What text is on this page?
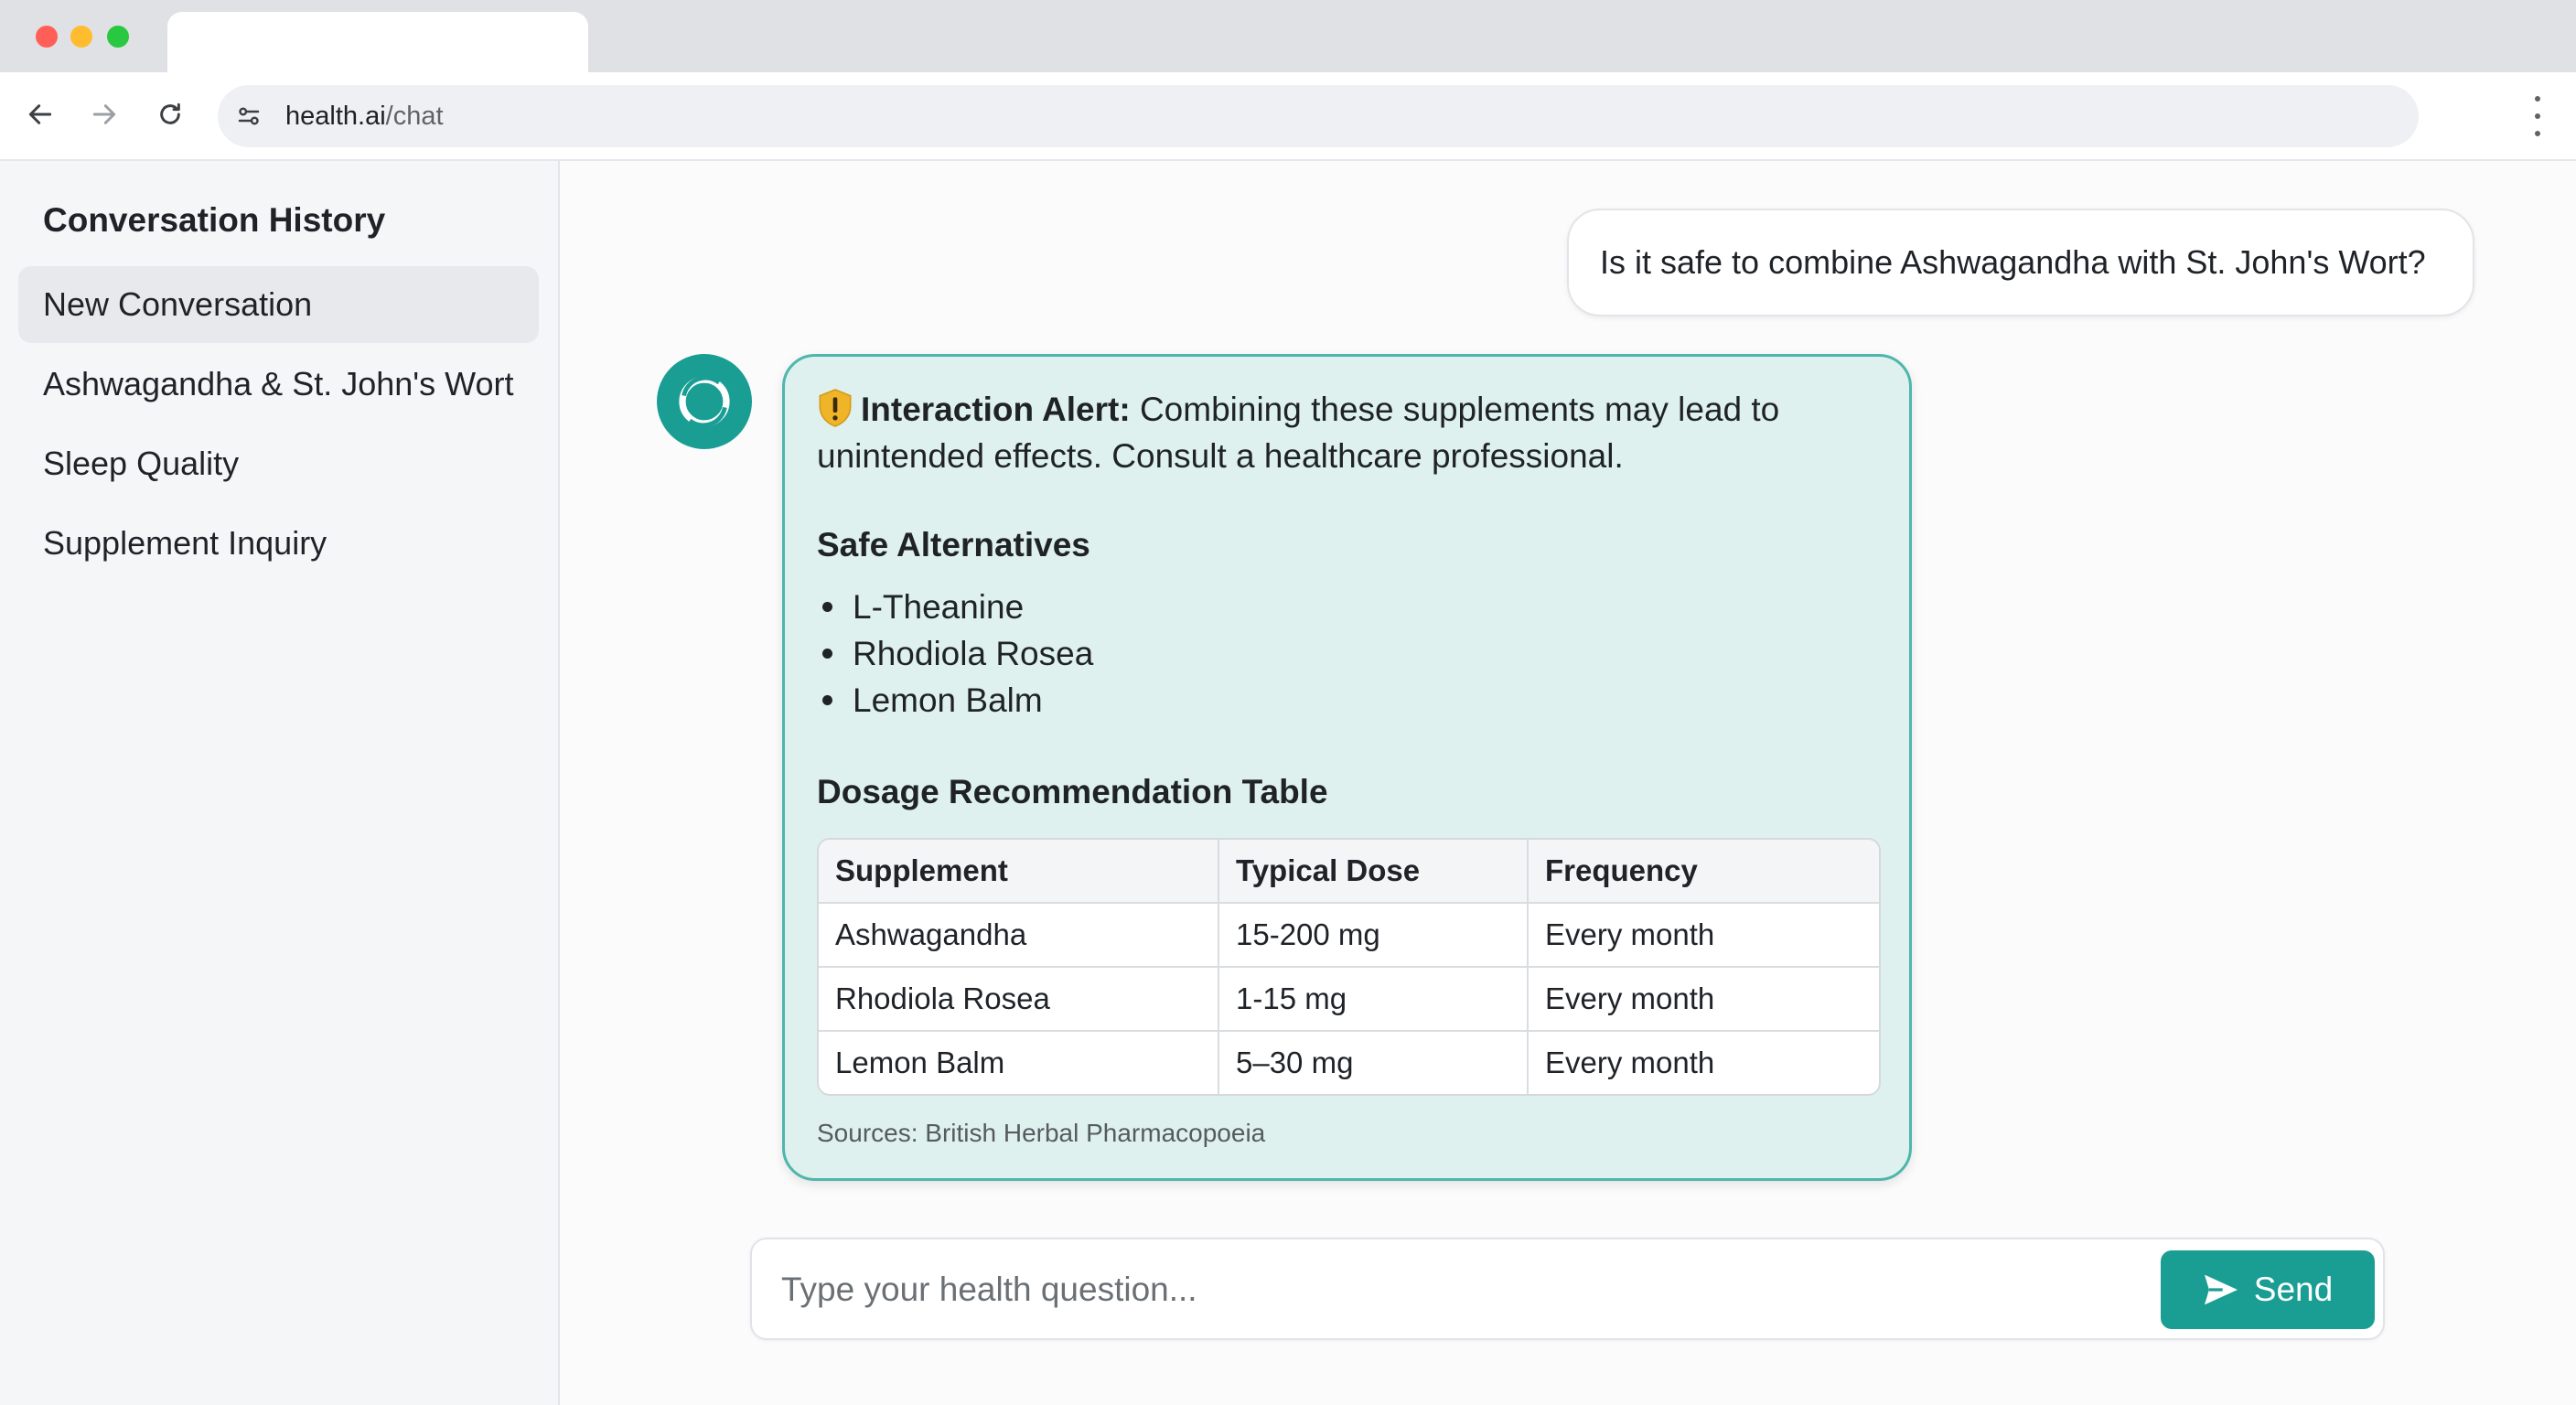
health.ai/chat
Conversation History
New Conversation
Ashwagandha & St. John's Wort
Sleep Quality
Supplement Inquiry
Is it safe to combine Ashwagandha with St. John's Wort?
Interaction Alert: Combining these supplements may lead to unintended effects. Consult a healthcare professional.
Safe Alternatives
L-Theanine
Rhodiola Rosea
Lemon Balm
Dosage Recommendation Table
Supplement	Typical Dose	Frequency
Ashwagandha	15-200 mg	Every month
Rhodiola Rosea	1-15 mg	Every month
Lemon Balm	5–30 mg	Every month
Sources: British Herbal Pharmacopoeia
Type your health question...
Send
